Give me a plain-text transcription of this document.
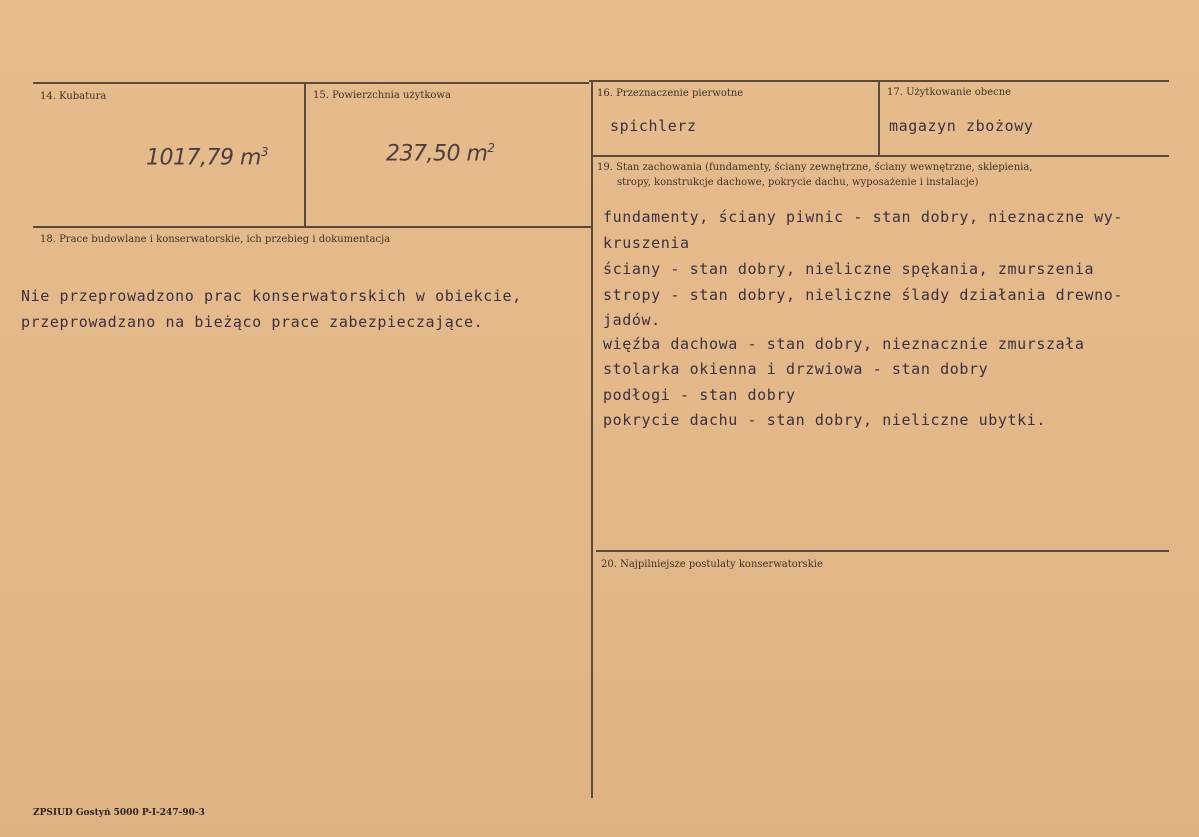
14. Kubatura
1017,79 $m^3$
15. Powierzchnia użytkowa
237,50 $m^2$
16. Przeznaczenie pierwotne
spichlerz
17. Użytkowanie obecne
magazyn zbożowy
19. Stan zachowania (fundamenty, ściany zewnętrzne, ściany wewnętrzne, sklepienia,
stropy, konstrukcje dachowe, pokrycie dachu, wyposażenie i instalacje)
fundamenty, ściany piwnic - stan dobry, nieznaczne wy-
kruszenia
ściany - stan dobry, nieliczne spękania, zmurszenia
stropy - stan dobry, nieliczne ślady działania drewno-
jadów.
więźba dachowa - stan dobry, nieznacznie zmurszała
stolarka okienna i drzwiowa - stan dobry
podłogi - stan dobry
pokrycie dachu - stan dobry, nieliczne ubytki.
18. Prace budowlane i konserwatorskie, ich przebieg i dokumentacja
Nie przeprowadzono prac konserwatorskich w obiekcie,
przeprowadzano na bieżąco prace zabezpieczające.
20. Najpilniejsze postulaty konserwatorskie
ZPSIUD Gostyń 5000 P-I-247-90-3
